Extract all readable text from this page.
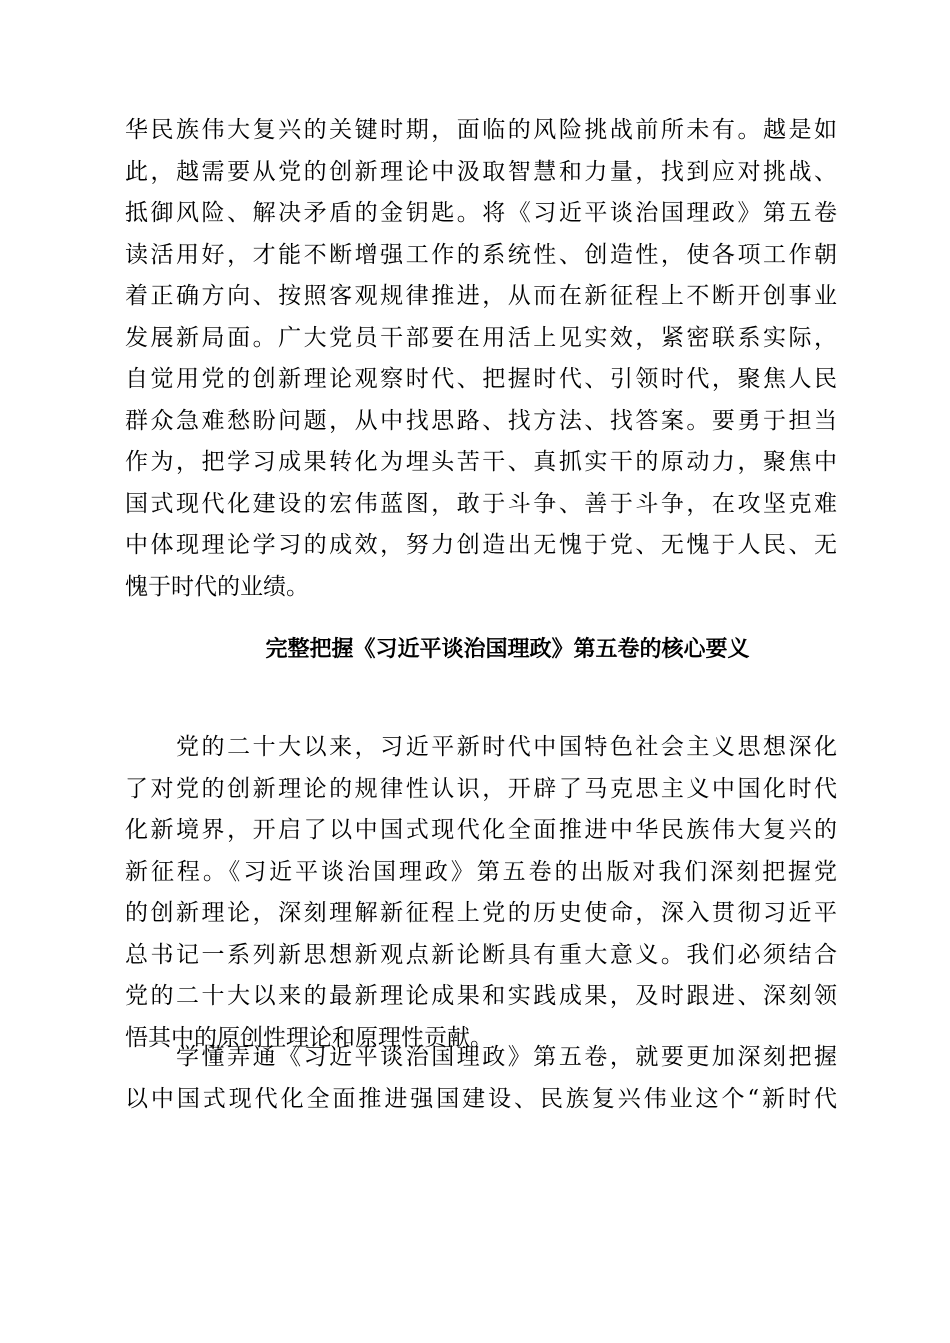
华民族伟大复兴的关键时期，面临的风险挑战前所未有。越是如
此，越需要从党的创新理论中汲取智慧和力量，找到应对挑战、
抵御风险、解决矛盾的金钥匙。将《习近平谈治国理政》第五卷
读活用好，才能不断增强工作的系统性、创造性，使各项工作朝
着正确方向、按照客观规律推进，从而在新征程上不断开创事业
发展新局面。广大党员干部要在用活上见实效，紧密联系实际，
自觉用党的创新理论观察时代、把握时代、引领时代，聚焦人民
群众急难愁盼问题，从中找思路、找方法、找答案。要勇于担当
作为，把学习成果转化为埋头苦干、真抓实干的原动力，聚焦中
国式现代化建设的宏伟蓝图，敢于斗争、善于斗争，在攻坚克难
中体现理论学习的成效，努力创造出无愧于党、无愧于人民、无
愧于时代的业绩。
完整把握《习近平谈治国理政》第五卷的核心要义
　　党的二十大以来，习近平新时代中国特色社会主义思想深化
了对党的创新理论的规律性认识，开辟了马克思主义中国化时代
化新境界，开启了以中国式现代化全面推进中华民族伟大复兴的
新征程。《习近平谈治国理政》第五卷的出版对我们深刻把握党
的创新理论，深刻理解新征程上党的历史使命，深入贯彻习近平
总书记一系列新思想新观点新论断具有重大意义。我们必须结合
党的二十大以来的最新理论成果和实践成果，及时跟进、深刻领
悟其中的原创性理论和原理性贡献。
　　学懂弄通《习近平谈治国理政》第五卷，就要更加深刻把握
以中国式现代化全面推进强国建设、民族复兴伟业这个“新时代
